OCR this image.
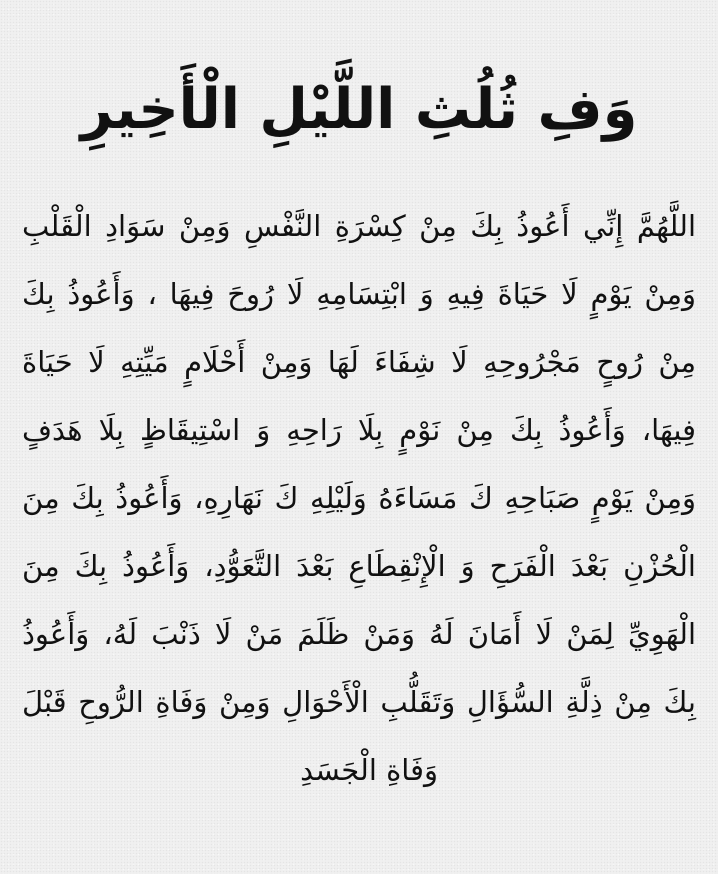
وَفِ ثُلُثِ اللَّيْلِ الْأَخِيرِ
اللَّهُمَّ إِنِّي أَعُوذُ بِكَ مِنْ كِسْرَةِ النَّفْسِ وَمِنْ سَوَادِ الْقَلْبِ
وَمِنْ يَوْمٍ لَا حَيَاةَ فِيهِ وَ ابْتِسَامِهِ لَا رُوحَ فِيهَا ، وَأَعُوذُ بِكَ
مِنْ رُوحٍ مَجْرُوحِهِ لَا شِفَاءَ لَهَا وَمِنْ أَحْلَامٍ مَيِّتِهِ لَا حَيَاةَ
فِيهَا، وَأَعُوذُ بِكَ مِنْ نَوْمٍ بِلَا رَاحِهِ وَ اسْتِيقَاظٍ بِلَا هَدَفٍ
وَمِنْ يَوْمٍ صَبَاحِهِ كَ مَسَاءَهُ وَلَيْلِهِ كَ نَهَارِهِ، وَأَعُوذُ بِكَ مِنَ
الْحُزْنِ بَعْدَ الْفَرَحِ وَ الْإِنْقِطَاعِ بَعْدَ التَّعَوُّدِ، وَأَعُوذُ بِكَ مِنَ
الْهَوِيِّ لِمَنْ لَا أَمَانَ لَهُ وَمَنْ ظَلَمَ مَنْ لَا ذَنْبَ لَهُ، وَأَعُوذُ
بِكَ مِنْ ذِلَّةِ السُّؤَالِ وَتَقَلُّبِ الْأَحْوَالِ وَمِنْ وَفَاةِ الرُّوحِ قَبْلَ
وَفَاةِ الْجَسَدِ
